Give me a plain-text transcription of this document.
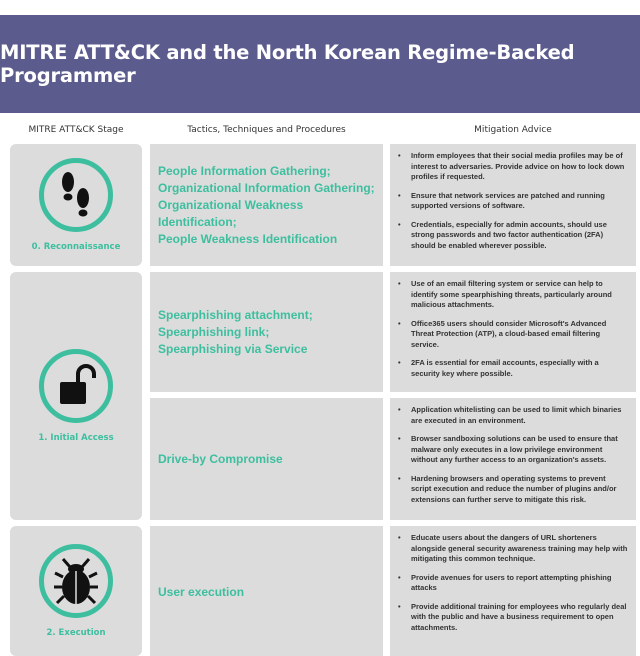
MITRE ATT&CK and the North Korean Regime-Backed Programmer
MITRE ATT&CK Stage	Tactics, Techniques and Procedures	Mitigation Advice
0. Reconnaissance
1. Initial Access
2. Execution
People Information Gathering;
Organizational Information Gathering;
Organizational Weakness Identification;
People Weakness Identification
Spearphishing attachment;
Spearphishing link;
Spearphishing via Service
Drive-by Compromise
User execution
• Inform employees that their social media profiles may be of interest to adversaries. Provide advice on how to lock down profiles if requested.
• Ensure that network services are patched and running supported versions of software.
• Credentials, especially for admin accounts, should use strong passwords and two factor authentication (2FA) should be enabled wherever possible.
• Use of an email filtering system or service can help to identify some spearphishing threats, particularly around malicious attachments.
• Office365 users should consider Microsoft's Advanced Threat Protection (ATP), a cloud-based email filtering service.
• 2FA is essential for email accounts, especially with a security key where possible.
• Application whitelisting can be used to limit which binaries are executed in an environment.
• Browser sandboxing solutions can be used to ensure that malware only executes in a low privilege environment without any further access to an organization's assets.
• Hardening browsers and operating systems to prevent script execution and reduce the number of plugins and/or extensions can further serve to mitigate this risk.
• Educate users about the dangers of URL shorteners alongside general security awareness training may help with mitigating this common technique.
• Provide avenues for users to report attempting phishing attacks
• Provide additional training for employees who regularly deal with the public and have a business requirement to open attachments.
